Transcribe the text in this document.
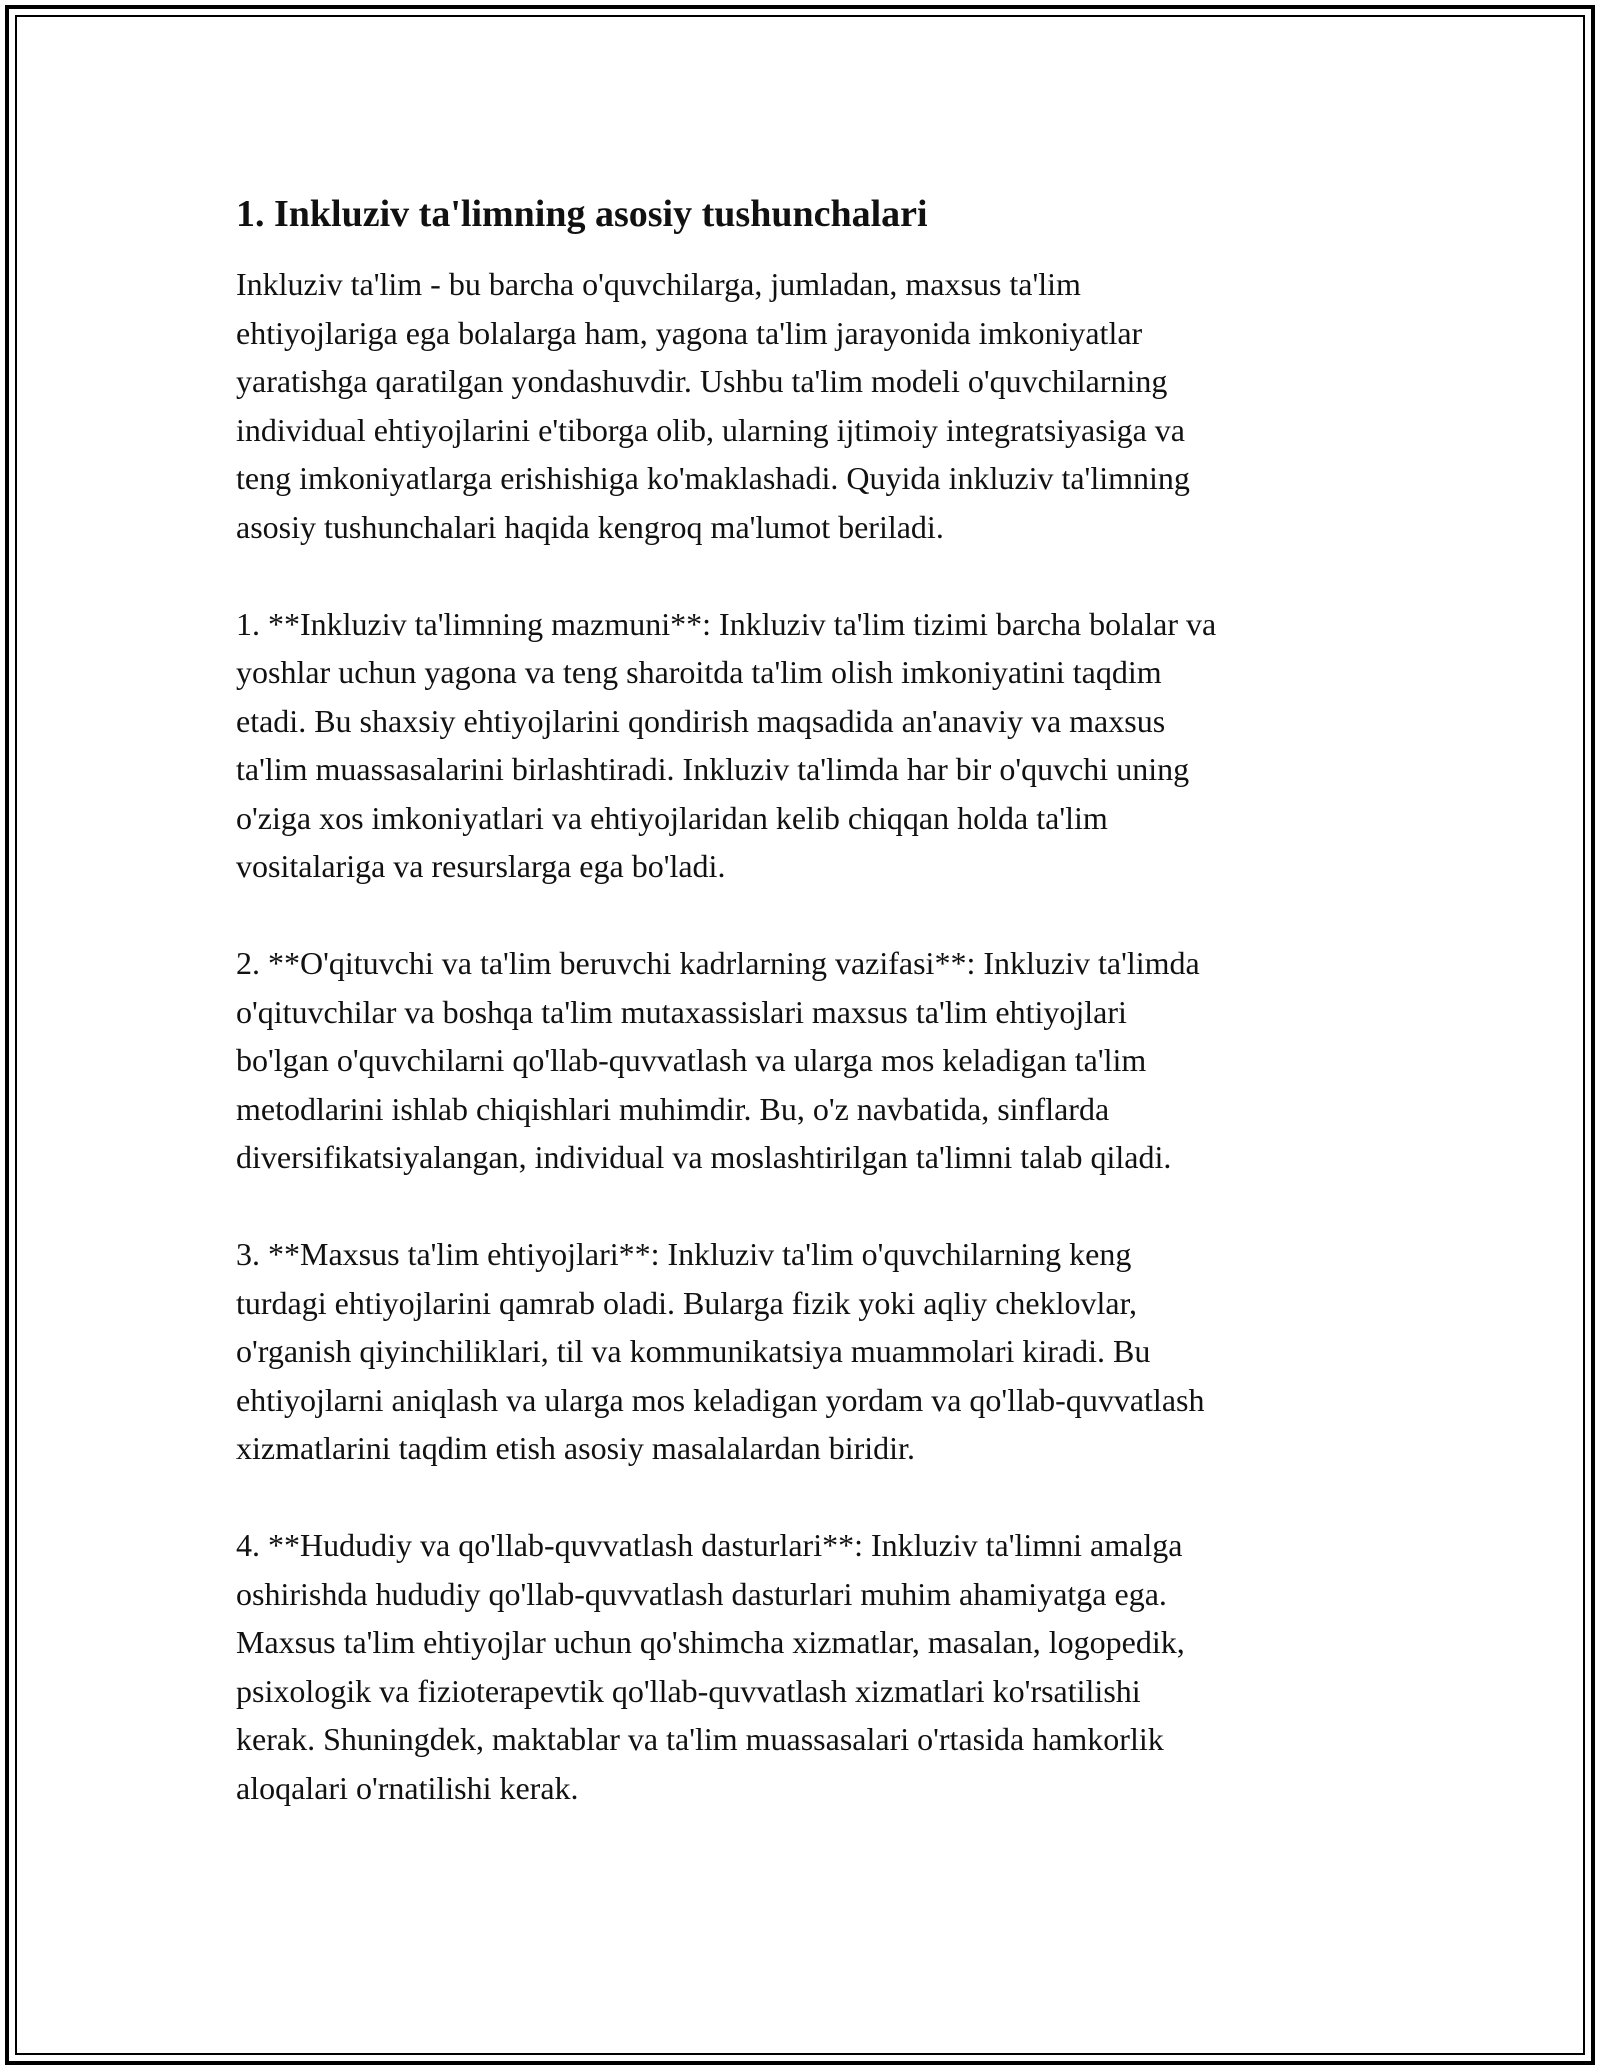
1. Inkluziv ta'limning asosiy tushunchalari

Inkluziv ta'lim - bu barcha o'quvchilarga, jumladan, maxsus ta'lim
ehtiyojlariga ega bolalarga ham, yagona ta'lim jarayonida imkoniyatlar
yaratishga qaratilgan yondashuvdir. Ushbu ta'lim modeli o'quvchilarning
individual ehtiyojlarini e'tiborga olib, ularning ijtimoiy integratsiyasiga va
teng imkoniyatlarga erishishiga ko'maklashadi. Quyida inkluziv ta'limning
asosiy tushunchalari haqida kengroq ma'lumot beriladi.

1. **Inkluziv ta'limning mazmuni**: Inkluziv ta'lim tizimi barcha bolalar va
yoshlar uchun yagona va teng sharoitda ta'lim olish imkoniyatini taqdim
etadi. Bu shaxsiy ehtiyojlarini qondirish maqsadida an'anaviy va maxsus
ta'lim muassasalarini birlashtiradi. Inkluziv ta'limda har bir o'quvchi uning
o'ziga xos imkoniyatlari va ehtiyojlaridan kelib chiqqan holda ta'lim
vositalariga va resurslarga ega bo'ladi.

2. **O'qituvchi va ta'lim beruvchi kadrlarning vazifasi**: Inkluziv ta'limda
o'qituvchilar va boshqa ta'lim mutaxassislari maxsus ta'lim ehtiyojlari
bo'lgan o'quvchilarni qo'llab-quvvatlash va ularga mos keladigan ta'lim
metodlarini ishlab chiqishlari muhimdir. Bu, o'z navbatida, sinflarda
diversifikatsiyalangan, individual va moslashtirilgan ta'limni talab qiladi.

3. **Maxsus ta'lim ehtiyojlari**: Inkluziv ta'lim o'quvchilarning keng
turdagi ehtiyojlarini qamrab oladi. Bularga fizik yoki aqliy cheklovlar,
o'rganish qiyinchiliklari, til va kommunikatsiya muammolari kiradi. Bu
ehtiyojlarni aniqlash va ularga mos keladigan yordam va qo'llab-quvvatlash
xizmatlarini taqdim etish asosiy masalalardan biridir.

4. **Hududiy va qo'llab-quvvatlash dasturlari**: Inkluziv ta'limni amalga
oshirishda hududiy qo'llab-quvvatlash dasturlari muhim ahamiyatga ega.
Maxsus ta'lim ehtiyojlar uchun qo'shimcha xizmatlar, masalan, logopedik,
psixologik va fizioterapevtik qo'llab-quvvatlash xizmatlari ko'rsatilishi
kerak. Shuningdek, maktablar va ta'lim muassasalari o'rtasida hamkorlik
aloqalari o'rnatilishi kerak.
